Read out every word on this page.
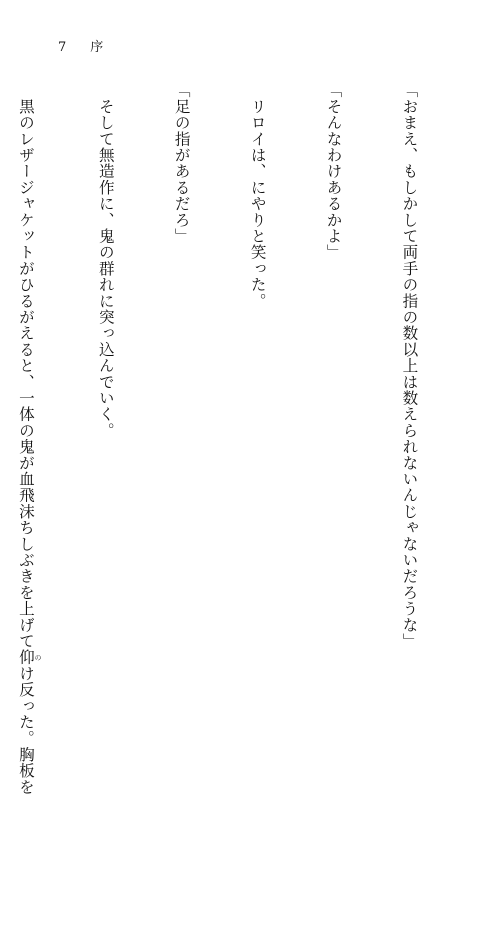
7 序

「おまえ、もしかして両手の指の数以上は数えられないんじゃないだろうな」

「そんなわけあるかよ」

　リロイは、にやりと笑った。

「足の指があるだろ」

　そして無造作に、鬼の群れに突っ込んでいく。

　黒のレザージャケットがひるがえると、一体の鬼が血飛沫ちしぶきを上げて仰 のけ反った。胸板を
